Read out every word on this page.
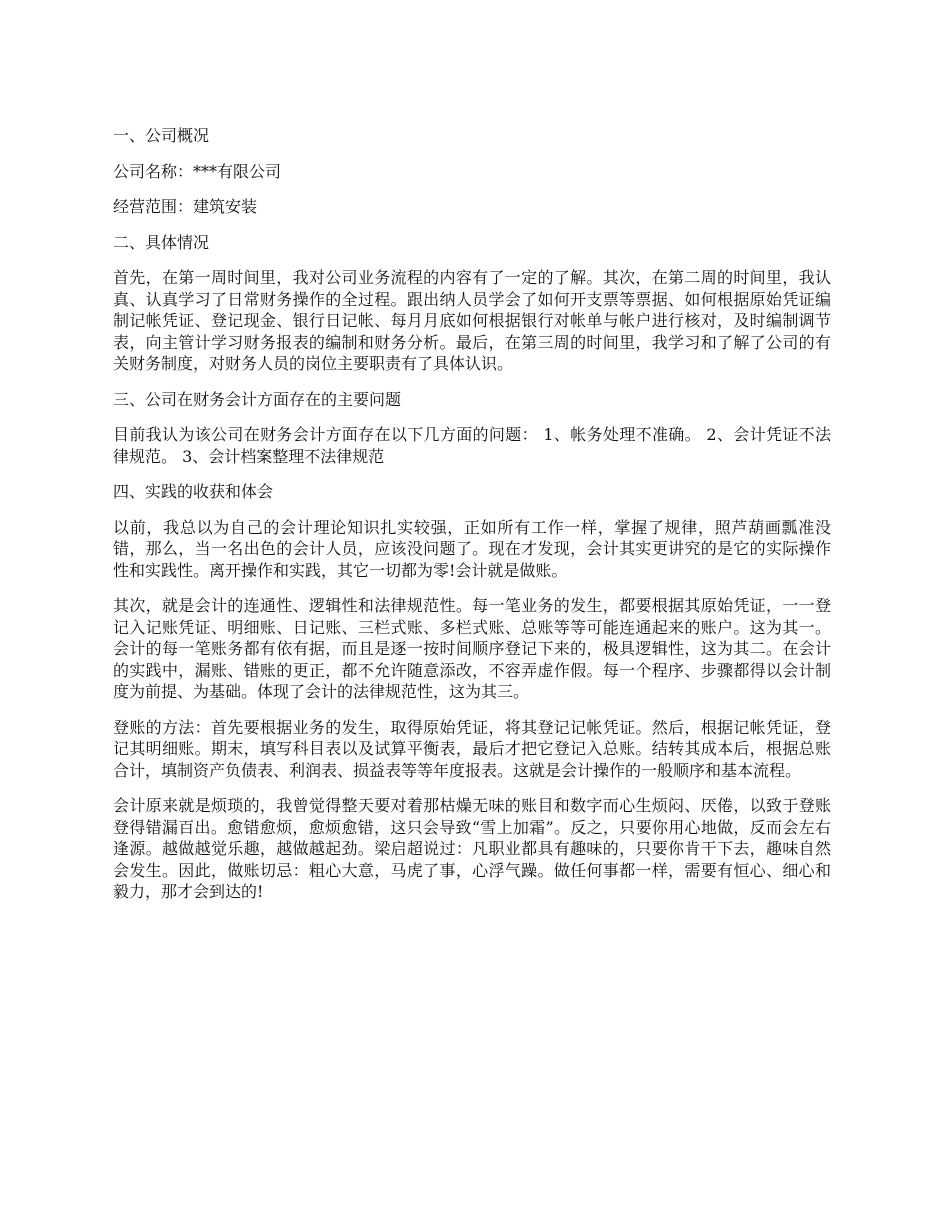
一、公司概况

公司名称：***有限公司

经营范围：建筑安装

二、具体情况

首先，在第一周时间里，我对公司业务流程的内容有了一定的了解。其次，在第二周的时间里，我认真、认真学习了日常财务操作的全过程。跟出纳人员学会了如何开支票等票据、如何根据原始凭证编制记帐凭证、登记现金、银行日记帐、每月月底如何根据银行对帐单与帐户进行核对，及时编制调节表，向主管计学习财务报表的编制和财务分析。最后，在第三周的时间里，我学习和了解了公司的有关财务制度，对财务人员的岗位主要职责有了具体认识。

三、公司在财务会计方面存在的主要问题

目前我认为该公司在财务会计方面存在以下几方面的问题： 1、帐务处理不准确。 2、会计凭证不法律规范。 3、会计档案整理不法律规范

四、实践的收获和体会

以前，我总以为自己的会计理论知识扎实较强，正如所有工作一样，掌握了规律，照芦葫画瓢准没错，那么，当一名出色的会计人员，应该没问题了。现在才发现，会计其实更讲究的是它的实际操作性和实践性。离开操作和实践，其它一切都为零!会计就是做账。

其次，就是会计的连通性、逻辑性和法律规范性。每一笔业务的发生，都要根据其原始凭证，一一登记入记账凭证、明细账、日记账、三栏式账、多栏式账、总账等等可能连通起来的账户。这为其一。会计的每一笔账务都有依有据，而且是逐一按时间顺序登记下来的，极具逻辑性，这为其二。在会计的实践中，漏账、错账的更正，都不允许随意添改，不容弄虚作假。每一个程序、步骤都得以会计制度为前提、为基础。体现了会计的法律规范性，这为其三。

登账的方法：首先要根据业务的发生，取得原始凭证，将其登记记帐凭证。然后，根据记帐凭证，登记其明细账。期末，填写科目表以及试算平衡表，最后才把它登记入总账。结转其成本后，根据总账合计，填制资产负债表、利润表、损益表等等年度报表。这就是会计操作的一般顺序和基本流程。

会计原来就是烦琐的，我曾觉得整天要对着那枯燥无味的账目和数字而心生烦闷、厌倦，以致于登账登得错漏百出。愈错愈烦，愈烦愈错，这只会导致“雪上加霜”。反之，只要你用心地做，反而会左右逢源。越做越觉乐趣，越做越起劲。梁启超说过：凡职业都具有趣味的，只要你肯干下去，趣味自然会发生。因此，做账切忌：粗心大意，马虎了事，心浮气躁。做任何事都一样，需要有恒心、细心和毅力，那才会到达的!
